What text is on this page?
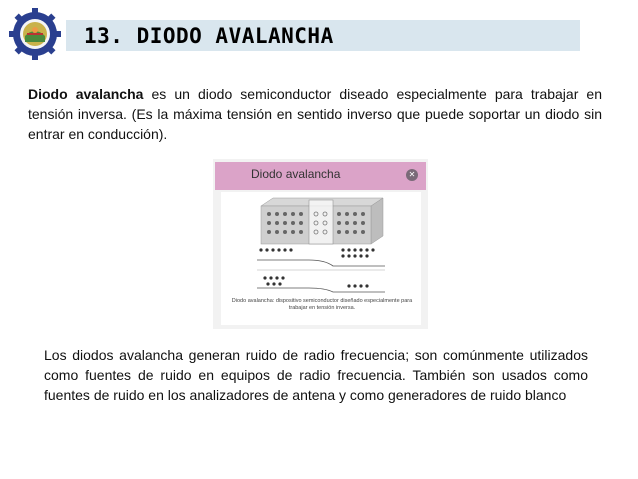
13. DIODO AVALANCHA
Diodo avalancha es un diodo semiconductor diseado especialmente para trabajar en tensión inversa. (Es la máxima tensión en sentido inverso que puede soportar un diodo sin entrar en conducción).
Diodo avalancha	✕
Diodo avalancha: dispositivo semiconductor diseñado especialmente para trabajar en tensión inversa.
Los diodos avalancha generan ruido de radio frecuencia; son comúnmente utilizados como fuentes de ruido en equipos de radio frecuencia. También son usados como fuentes de ruido en los analizadores de antena y como generadores de ruido blanco
